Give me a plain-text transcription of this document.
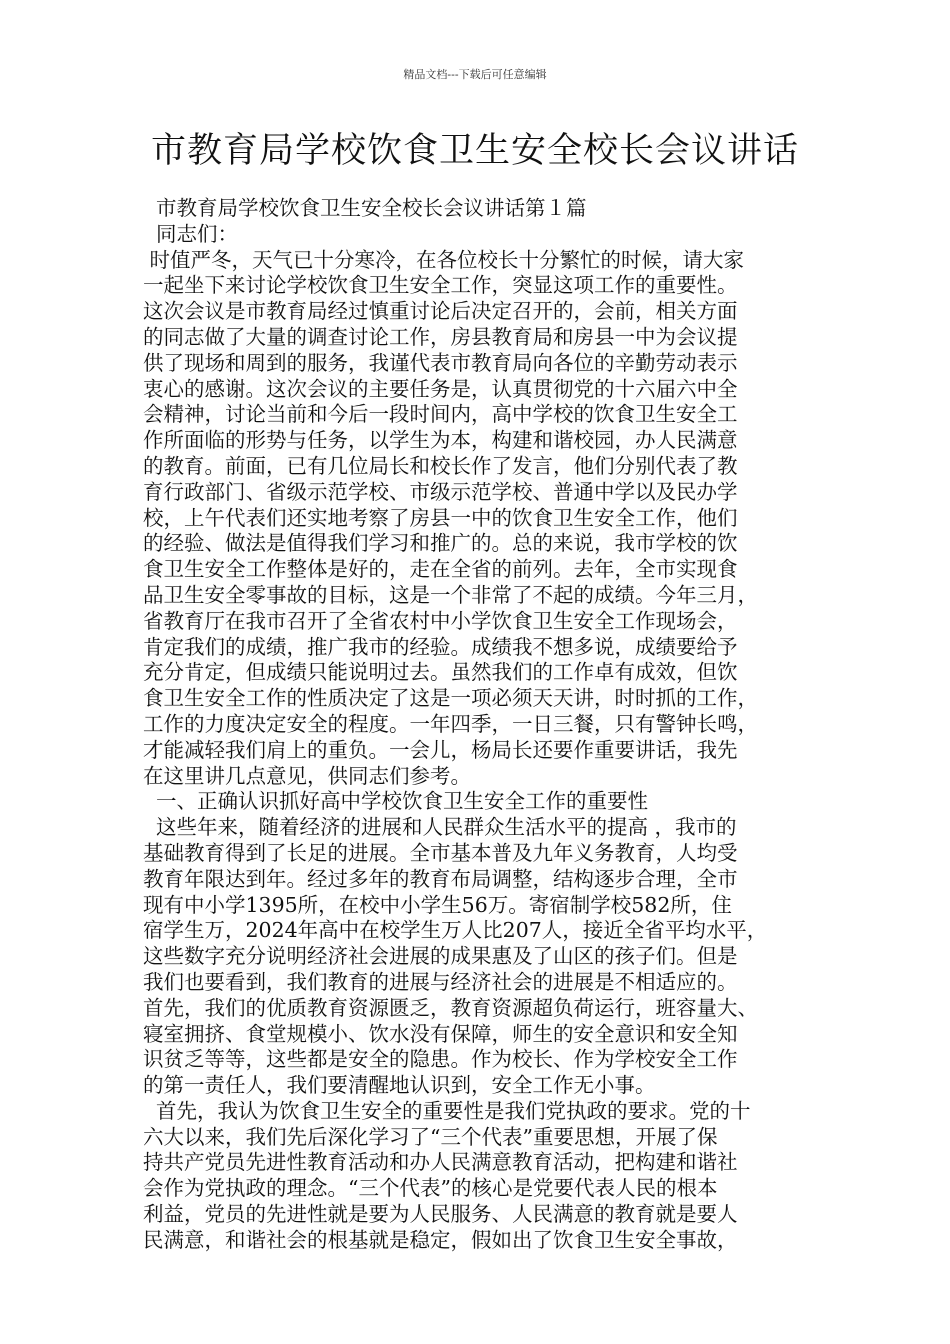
精品文档---下载后可任意编辑
市教育局学校饮食卫生安全校长会议讲话
市教育局学校饮食卫生安全校长会议讲话第１篇
同志们：
时值严冬，天气已十分寒冷，在各位校长十分繁忙的时候，请大家
一起坐下来讨论学校饮食卫生安全工作，突显这项工作的重要性。
这次会议是市教育局经过慎重讨论后决定召开的，会前，相关方面
的同志做了大量的调查讨论工作，房县教育局和房县一中为会议提
供了现场和周到的服务，我谨代表市教育局向各位的辛勤劳动表示
衷心的感谢。这次会议的主要任务是，认真贯彻党的十六届六中全
会精神，讨论当前和今后一段时间内，高中学校的饮食卫生安全工
作所面临的形势与任务，以学生为本，构建和谐校园，办人民满意
的教育。前面，已有几位局长和校长作了发言，他们分别代表了教
育行政部门、省级示范学校、市级示范学校、普通中学以及民办学
校，上午代表们还实地考察了房县一中的饮食卫生安全工作，他们
的经验、做法是值得我们学习和推广的。总的来说，我市学校的饮
食卫生安全工作整体是好的，走在全省的前列。去年，全市实现食
品卫生安全零事故的目标，这是一个非常了不起的成绩。今年三月，
省教育厅在我市召开了全省农村中小学饮食卫生安全工作现场会，
肯定我们的成绩，推广我市的经验。成绩我不想多说，成绩要给予
充分肯定，但成绩只能说明过去。虽然我们的工作卓有成效，但饮
食卫生安全工作的性质决定了这是一项必须天天讲，时时抓的工作，
工作的力度决定安全的程度。一年四季，一日三餐，只有警钟长鸣，
才能减轻我们肩上的重负。一会儿，杨局长还要作重要讲话，我先
在这里讲几点意见，供同志们参考。
一、正确认识抓好高中学校饮食卫生安全工作的重要性
这些年来，随着经济的进展和人民群众生活水平的提高 ，我市的
基础教育得到了长足的进展。全市基本普及九年义务教育，人均受
教育年限达到年。经过多年的教育布局调整，结构逐步合理，全市
现有中小学1395所，在校中小学生56万。寄宿制学校582所，住
宿学生万，2024年高中在校学生万人比207人，接近全省平均水平，
这些数字充分说明经济社会进展的成果惠及了山区的孩子们。但是
我们也要看到，我们教育的进展与经济社会的进展是不相适应的。
首先，我们的优质教育资源匮乏，教育资源超负荷运行，班容量大、
寝室拥挤、食堂规模小、饮水没有保障，师生的安全意识和安全知
识贫乏等等，这些都是安全的隐患。作为校长、作为学校安全工作
的第一责任人，我们要清醒地认识到，安全工作无小事。
首先，我认为饮食卫生安全的重要性是我们党执政的要求。党的十
六大以来，我们先后深化学习了“三个代表”重要思想，开展了保
持共产党员先进性教育活动和办人民满意教育活动，把构建和谐社
会作为党执政的理念。“三个代表”的核心是党要代表人民的根本
利益，党员的先进性就是要为人民服务、人民满意的教育就是要人
民满意，和谐社会的根基就是稳定，假如出了饮食卫生安全事故，
